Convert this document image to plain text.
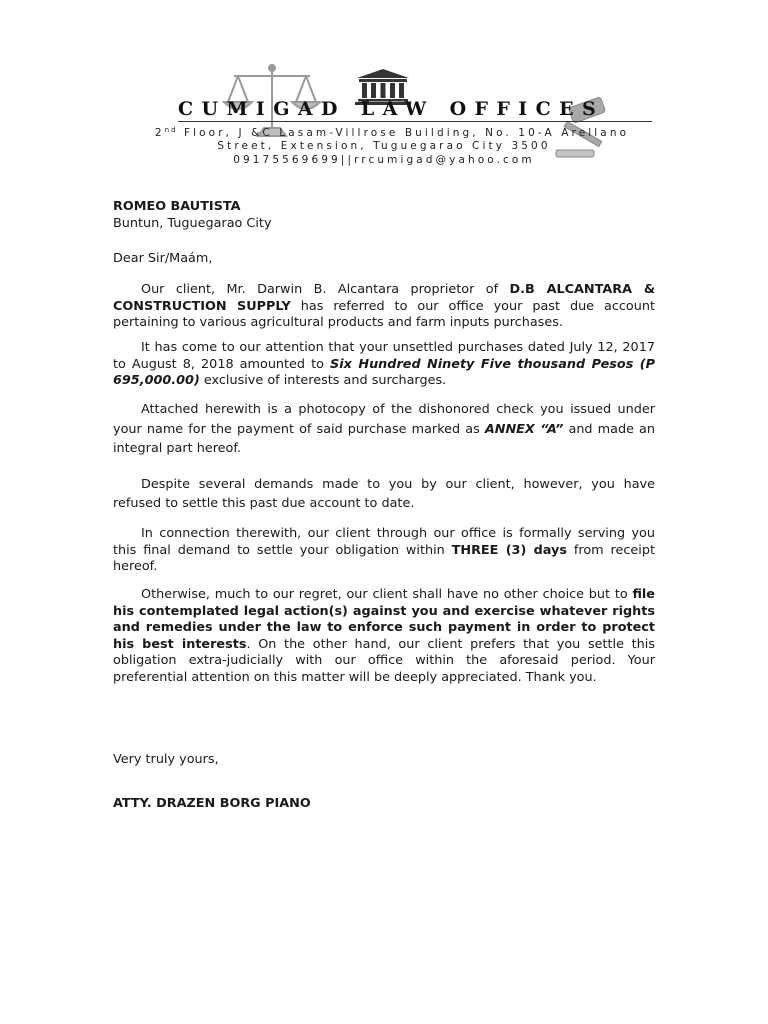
CUMIGAD LAW OFFICES
2nd Floor, J &C Lasam-Villrose Building, No. 10-A Arellano
Street, Extension, Tuguegarao City 3500
09175569699||rrcumigad@yahoo.com
ROMEO BAUTISTA
Buntun, Tuguegarao City
Dear Sir/Maám,

Our client, Mr. Darwin B. Alcantara proprietor of D.B ALCANTARA & CONSTRUCTION SUPPLY has referred to our office your past due account pertaining to various agricultural products and farm inputs purchases.

It has come to our attention that your unsettled purchases dated July 12, 2017 to August 8, 2018 amounted to Six Hundred Ninety Five thousand Pesos (P 695,000.00) exclusive of interests and surcharges.

Attached herewith is a photocopy of the dishonored check you issued under your name for the payment of said purchase marked as ANNEX “A” and made an integral part hereof.

Despite several demands made to you by our client, however, you have refused to settle this past due account to date.

In connection therewith, our client through our office is formally serving you this final demand to settle your obligation within THREE (3) days from receipt hereof.

Otherwise, much to our regret, our client shall have no other choice but to file his contemplated legal action(s) against you and exercise whatever rights and remedies under the law to enforce such payment in order to protect his best interests. On the other hand, our client prefers that you settle this obligation extra-judicially with our office within the aforesaid period. Your preferential attention on this matter will be deeply appreciated. Thank you.

Very truly yours,
ATTY. DRAZEN BORG PIANO
